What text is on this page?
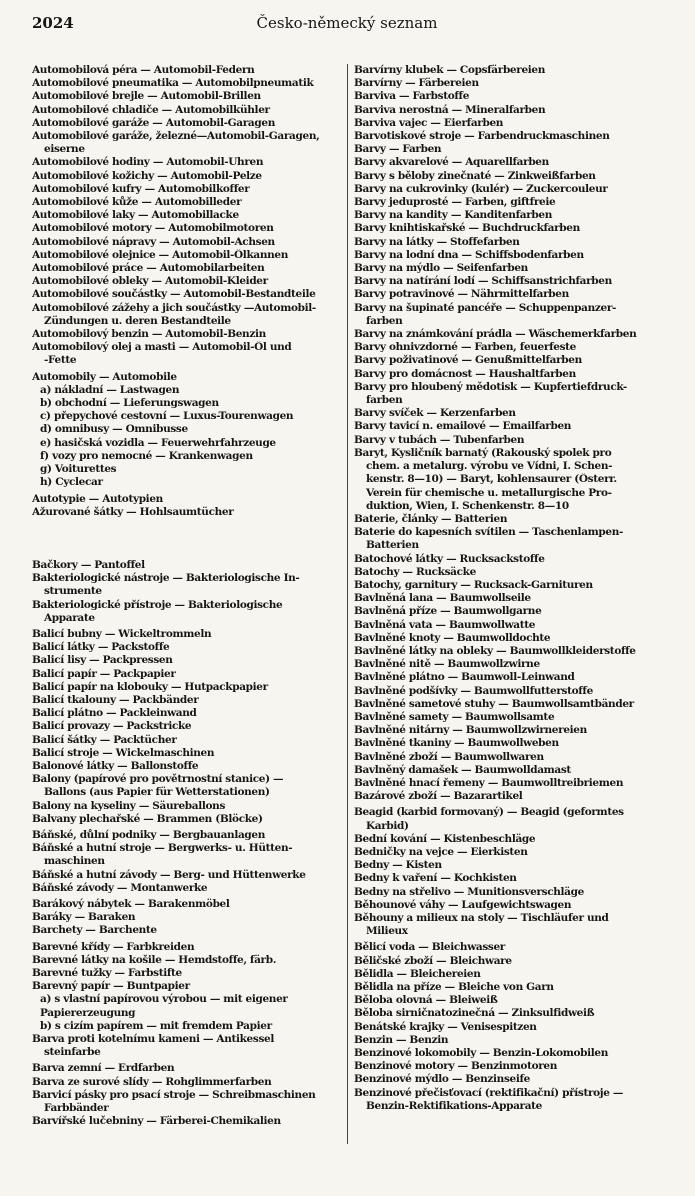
2024	Česko-německý seznam
Automobilová péra — Automobil-Federn
Automobilové pneumatika — Automobilpneumatik
Automobilové brejle — Automobil-Brillen
Automobilové chladiče — Automobilkühler
Automobilové garáže — Automobil-Garagen
Automobilové garáže, železné—Automobil-Garagen,
eiserne
Automobilové hodiny — Automobil-Uhren
Automobilové kožichy — Automobil-Pelze
Automobilové kufry — Automobilkoffer
Automobilové kůže — Automobilleder
Automobilové laky — Automobillacke
Automobilové motory — Automobilmotoren
Automobilové nápravy — Automobil-Achsen
Automobilové olejnice — Automobil-Ölkannen
Automobilové práce — Automobilarbeiten
Automobilové obleky — Automobil-Kleider
Automobilové součástky — Automobil-Bestandteile
Automobilové zážehy a jich součástky —Automobil-
Zündungen u. deren Bestandteile
Automobilový benzin — Automobil-Benzin
Automobilový olej a masti — Automobil-Öl und
-Fette
Automobily — Automobile
a) nákladní — Lastwagen
b) obchodní — Lieferungswagen
c) přepychové cestovní — Luxus-Tourenwagen
d) omnibusy — Omnibusse
e) hasičská vozidla — Feuerwehrfahrzeuge
f) vozy pro nemocné — Krankenwagen
g) Voiturettes
h) Cyclecar
Autotypie — Autotypien
Ažurované šátky — Hohlsaumtücher
Bačkory — Pantoffel
Bakteriologické nástroje — Bakteriologische In-
strumente
Bakteriologické přístroje — Bakteriologische
Apparate
Balicí bubny — Wickeltrommeln
Balicí látky — Packstoffe
Balicí lisy — Packpressen
Balicí papír — Packpapier
Balicí papír na klobouky — Hutpackpapier
Balicí tkalouny — Packbänder
Balicí plátno — Packleinwand
Balicí provazy — Packstricke
Balicí šátky — Packtücher
Balicí stroje — Wickelmaschinen
Balonové látky — Ballonstoffe
Balony (papírové pro povětrnostní stanice) —
Ballons (aus Papier für Wetterstationen)
Balony na kyseliny — Säureballons
Balvany plechařské — Brammen (Blöcke)
Báňské, důlní podniky — Bergbauanlagen
Báňské a hutní stroje — Bergwerks- u. Hütten-
maschinen
Báňské a hutní závody — Berg- und Hüttenwerke
Báňské závody — Montanwerke
Barákový nábytek — Barakenmöbel
Baráky — Baraken
Barchety — Barchente
Barevné křídy — Farbkreiden
Barevné látky na košile — Hemdstoffe, färb.
Barevné tužky — Farbstifte
Barevný papír — Buntpapier
a) s vlastní papírovou výrobou — mit eigener
Papiererzeugung
b) s cizím papírem — mit fremdem Papier
Barva proti kotelnímu kameni — Antikessel
steinfarbe
Barva zemní — Erdfarben
Barva ze surové slídy — Rohglimmerfarben
Barvicí pásky pro psací stroje — Schreibmaschinen
Farbbänder
Barvířské lučebniny — Färberei-Chemikalien
Barvírny klubek — Copsfärbereien
Barvírny — Färbereien
Barviva — Farbstoffe
Barviva nerostná — Mineralfarben
Barviva vajec — Eierfarben
Barvotiskové stroje — Farbendruckmaschinen
Barvy — Farben
Barvy akvarelové — Aquarellfarben
Barvy s běloby zinečnaté — Zinkweißfarben
Barvy na cukrovinky (kulér) — Zuckercouleur
Barvy jeduprosté — Farben, giftfreie
Barvy na kandity — Kanditenfarben
Barvy knihtiskařské — Buchdruckfarben
Barvy na látky — Stoffefarben
Barvy na lodní dna — Schiffsbodenfarben
Barvy na mýdlo — Seifenfarben
Barvy na natírání lodí — Schiffsanstrichfarben
Barvy potravinové — Nährmittelfarben
Barvy na šupinaté pancéře — Schuppenpanzer-
farben
Barvy na známkování prádla — Wäschemerkfarben
Barvy ohnivzdorné — Farben, feuerfeste
Barvy poživatinové — Genußmittelfarben
Barvy pro domácnost — Haushaltfarben
Barvy pro hloubený mědotisk — Kupfertiefdruck-
farben
Barvy svíček — Kerzenfarben
Barvy tavicí n. emailové — Emailfarben
Barvy v tubách — Tubenfarben
Baryt, Kysličník barnatý (Rakouský spolek pro
chem. a metalurg. výrobu ve Vídni, I. Schen-
kenstr. 8—10) — Baryt, kohlensaurer (Österr.
Verein für chemische u. metallurgische Pro-
duktion, Wien, I. Schenkenstr. 8—10
Baterie, články — Batterien
Baterie do kapesních svítilen — Taschenlampen-
Batterien
Batochové látky — Rucksackstoffe
Batochy — Rucksäcke
Batochy, garnitury — Rucksack-Garnituren
Bavlněná lana — Baumwollseile
Bavlněná příze — Baumwollgarne
Bavlněná vata — Baumwollwatte
Bavlněné knoty — Baumwolldochte
Bavlněné látky na obleky — Baumwollkleiderstoffe
Bavlněné nitě — Baumwollzwirne
Bavlněné plátno — Baumwoll-Leinwand
Bavlněné podšívky — Baumwollfutterstoffe
Bavlněné sametové stuhy — Baumwollsamtbänder
Bavlněné samety — Baumwollsamte
Bavlněné nitárny — Baumwollzwirnereien
Bavlněné tkaniny — Baumwollweben
Bavlněné zboží — Baumwollwaren
Bavlněný damašek — Baumwolldamast
Bavlněné hnací řemeny — Baumwolltreibriemen
Bazárové zboží — Bazarartikel
Beagid (karbid formovaný) — Beagid (geformtes
Karbid)
Bední kování — Kistenbeschläge
Bedničky na vejce — Eierkisten
Bedny — Kisten
Bedny k vaření — Kochkisten
Bedny na střelivo — Munitionsverschläge
Běhounové váhy — Laufgewichtswagen
Běhouny a milieux na stoly — Tischläufer und
Milieux
Bělicí voda — Bleichwasser
Běličské zboží — Bleichware
Bělidla — Bleichereien
Bělidla na příze — Bleiche von Garn
Běloba olovná — Bleiweiß
Běloba sirničnatozinečná — Zinksulfidweiß
Benátské krajky — Venisespitzen
Benzin — Benzin
Benzinové lokomobily — Benzin-Lokomobilen
Benzinové motory — Benzinmotoren
Benzinové mýdlo — Benzinseife
Benzinové přečisťovací (rektifikační) přístroje —
Benzin-Rektifikations-Apparate
